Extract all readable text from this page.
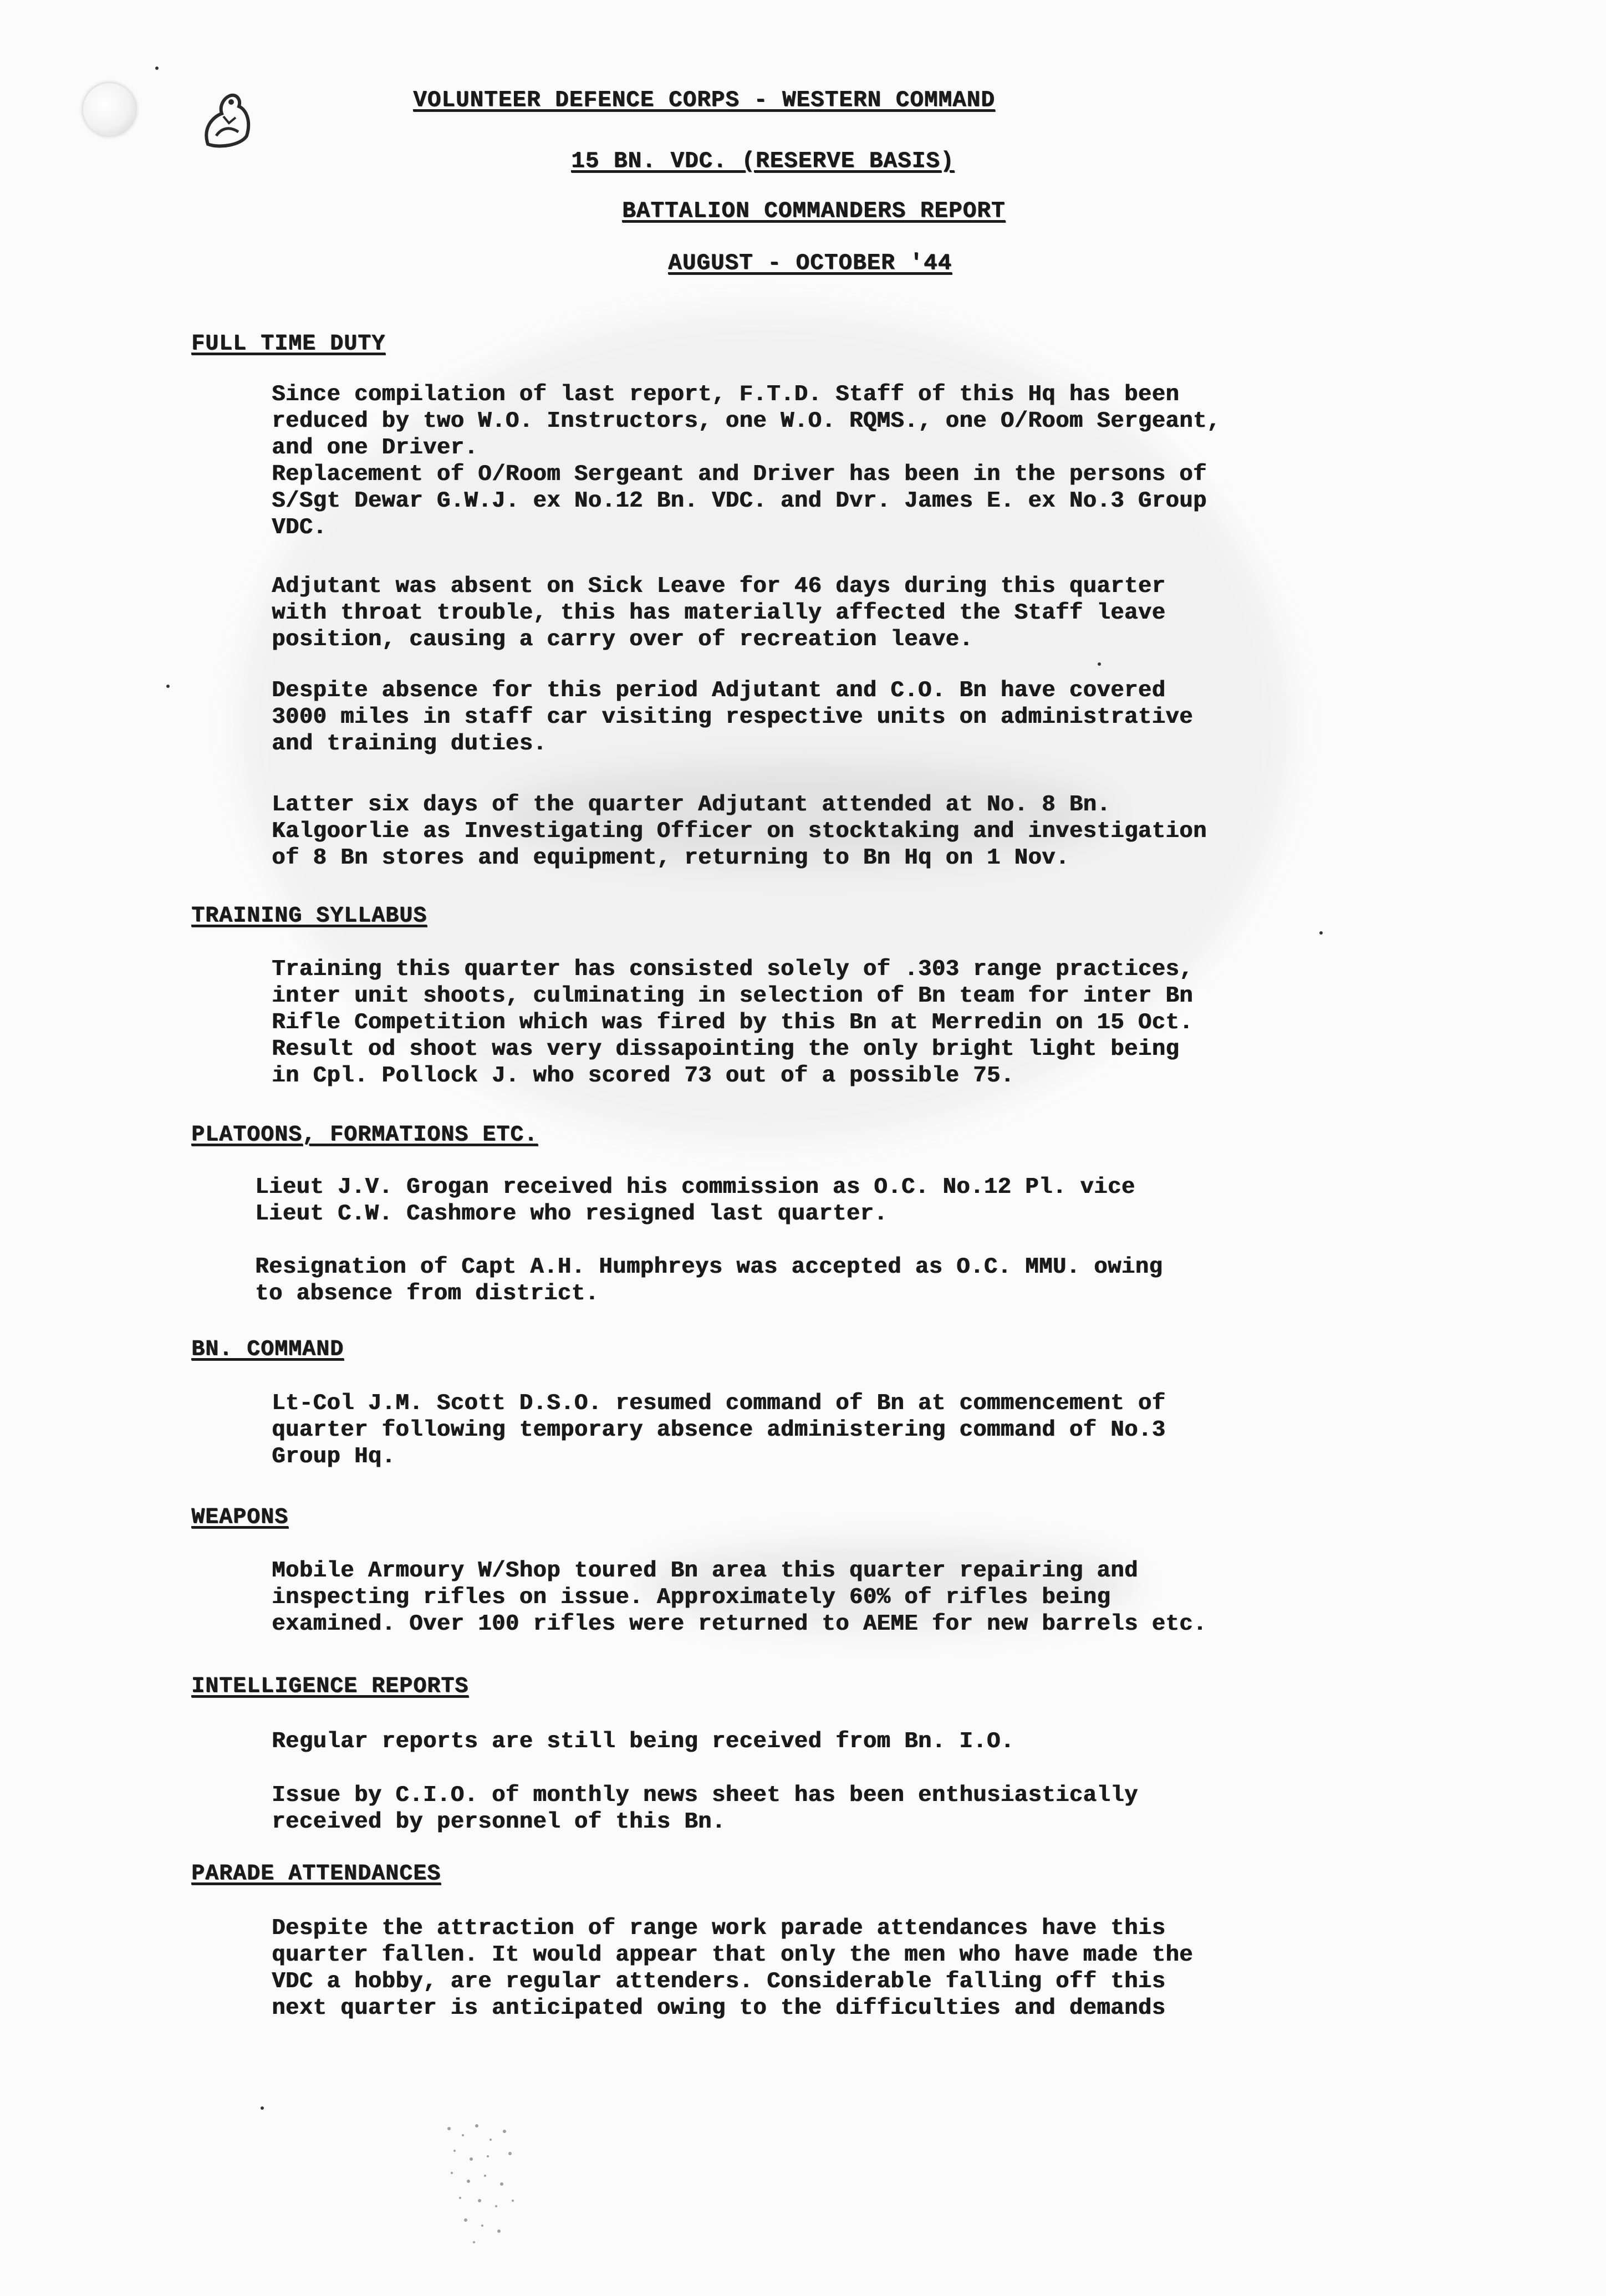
VOLUNTEER DEFENCE CORPS - WESTERN COMMAND
15 BN. VDC. (RESERVE BASIS)
BATTALION COMMANDERS REPORT
AUGUST - OCTOBER '44
FULL TIME DUTY
Since compilation of last report, F.T.D. Staff of this Hq has been
reduced by two W.O. Instructors, one W.O. RQMS., one O/Room Sergeant,
and one Driver.
Replacement of O/Room Sergeant and Driver has been in the persons of
S/Sgt Dewar G.W.J. ex No.12 Bn. VDC. and Dvr. James E. ex No.3 Group
VDC.
Adjutant was absent on Sick Leave for 46 days during this quarter
with throat trouble, this has materially affected the Staff leave
position, causing a carry over of recreation leave.
Despite absence for this period Adjutant and C.O. Bn have covered
3000 miles in staff car visiting respective units on administrative
and training duties.
Latter six days of the quarter Adjutant attended at No. 8 Bn.
Kalgoorlie as Investigating Officer on stocktaking and investigation
of 8 Bn stores and equipment, returning to Bn Hq on 1 Nov.
TRAINING SYLLABUS
Training this quarter has consisted solely of .303 range practices,
inter unit shoots, culminating in selection of Bn team for inter Bn
Rifle Competition which was fired by this Bn at Merredin on 15 Oct.
Result od shoot was very dissapointing the only bright light being
in Cpl. Pollock J. who scored 73 out of a possible 75.
PLATOONS, FORMATIONS ETC.
Lieut J.V. Grogan received his commission as O.C. No.12 Pl. vice
Lieut C.W. Cashmore who resigned last quarter.
Resignation of Capt A.H. Humphreys was accepted as O.C. MMU. owing
to absence from district.
BN. COMMAND
Lt-Col J.M. Scott D.S.O. resumed command of Bn at commencement of
quarter following temporary absence administering command of No.3
Group Hq.
WEAPONS
Mobile Armoury W/Shop toured Bn area this quarter repairing and
inspecting rifles on issue. Approximately 60% of rifles being
examined. Over 100 rifles were returned to AEME for new barrels etc.
INTELLIGENCE REPORTS
Regular reports are still being received from Bn. I.O.
Issue by C.I.O. of monthly news sheet has been enthusiastically
received by personnel of this Bn.
PARADE ATTENDANCES
Despite the attraction of range work parade attendances have this
quarter fallen. It would appear that only the men who have made the
VDC a hobby, are regular attenders. Considerable falling off this
next quarter is anticipated owing to the difficulties and demands
